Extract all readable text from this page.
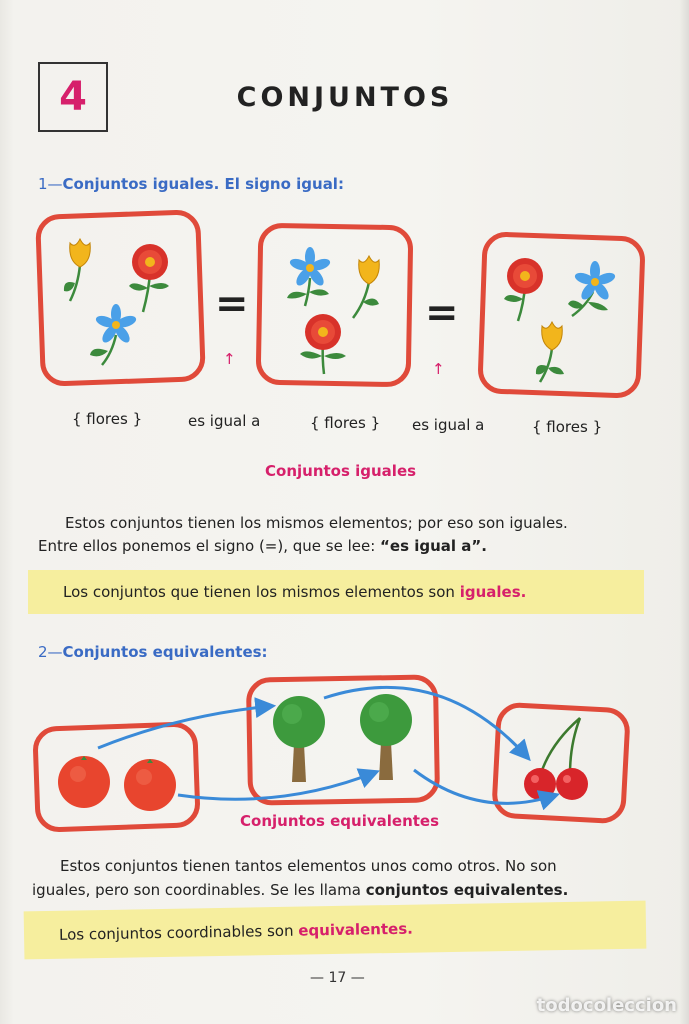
4	CONJUNTOS
1—Conjuntos iguales. El signo igual:
=	=
↑
↑
{ flores }	es igual a	{ flores } es igual a	{ flores }
Conjuntos iguales
Estos conjuntos tienen los mismos elementos; por eso son iguales.
Entre ellos ponemos el signo (=), que se lee: “es igual a”.
Los conjuntos que tienen los mismos elementos son
iguales.
2—Conjuntos equivalentes:
Conjuntos equivalentes
Estos conjuntos tienen tantos elementos unos como otros. No son
iguales, pero son coordinables. Se les llama conjuntos equivalentes.
Los conjuntos coordinables son
equivalentes.
— 17 —
todocoleccion
